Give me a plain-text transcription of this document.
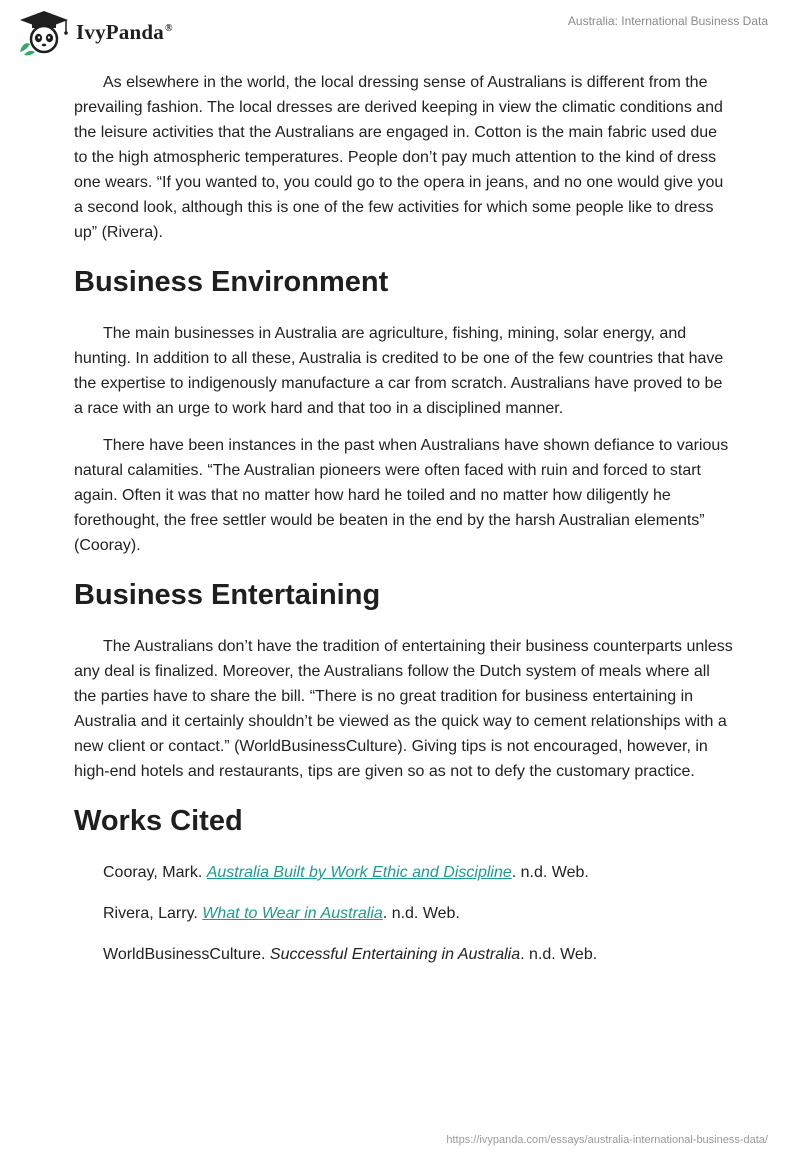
IvyPanda®	Australia: International Business Data

As elsewhere in the world, the local dressing sense of Australians is different from the prevailing fashion. The local dresses are derived keeping in view the climatic conditions and the leisure activities that the Australians are engaged in. Cotton is the main fabric used due to the high atmospheric temperatures. People don’t pay much attention to the kind of dress one wears. “If you wanted to, you could go to the opera in jeans, and no one would give you a second look, although this is one of the few activities for which some people like to dress up” (Rivera).

Business Environment

The main businesses in Australia are agriculture, fishing, mining, solar energy, and hunting. In addition to all these, Australia is credited to be one of the few countries that have the expertise to indigenously manufacture a car from scratch. Australians have proved to be a race with an urge to work hard and that too in a disciplined manner.

There have been instances in the past when Australians have shown defiance to various natural calamities. “The Australian pioneers were often faced with ruin and forced to start again. Often it was that no matter how hard he toiled and no matter how diligently he forethought, the free settler would be beaten in the end by the harsh Australian elements” (Cooray).

Business Entertaining

The Australians don’t have the tradition of entertaining their business counterparts unless any deal is finalized. Moreover, the Australians follow the Dutch system of meals where all the parties have to share the bill. “There is no great tradition for business entertaining in Australia and it certainly shouldn’t be viewed as the quick way to cement relationships with a new client or contact.” (WorldBusinessCulture). Giving tips is not encouraged, however, in high-end hotels and restaurants, tips are given so as not to defy the customary practice.

Works Cited

Cooray, Mark. Australia Built by Work Ethic and Discipline. n.d. Web.

Rivera, Larry. What to Wear in Australia. n.d. Web.

WorldBusinessCulture. Successful Entertaining in Australia. n.d. Web.

https://ivypanda.com/essays/australia-international-business-data/
